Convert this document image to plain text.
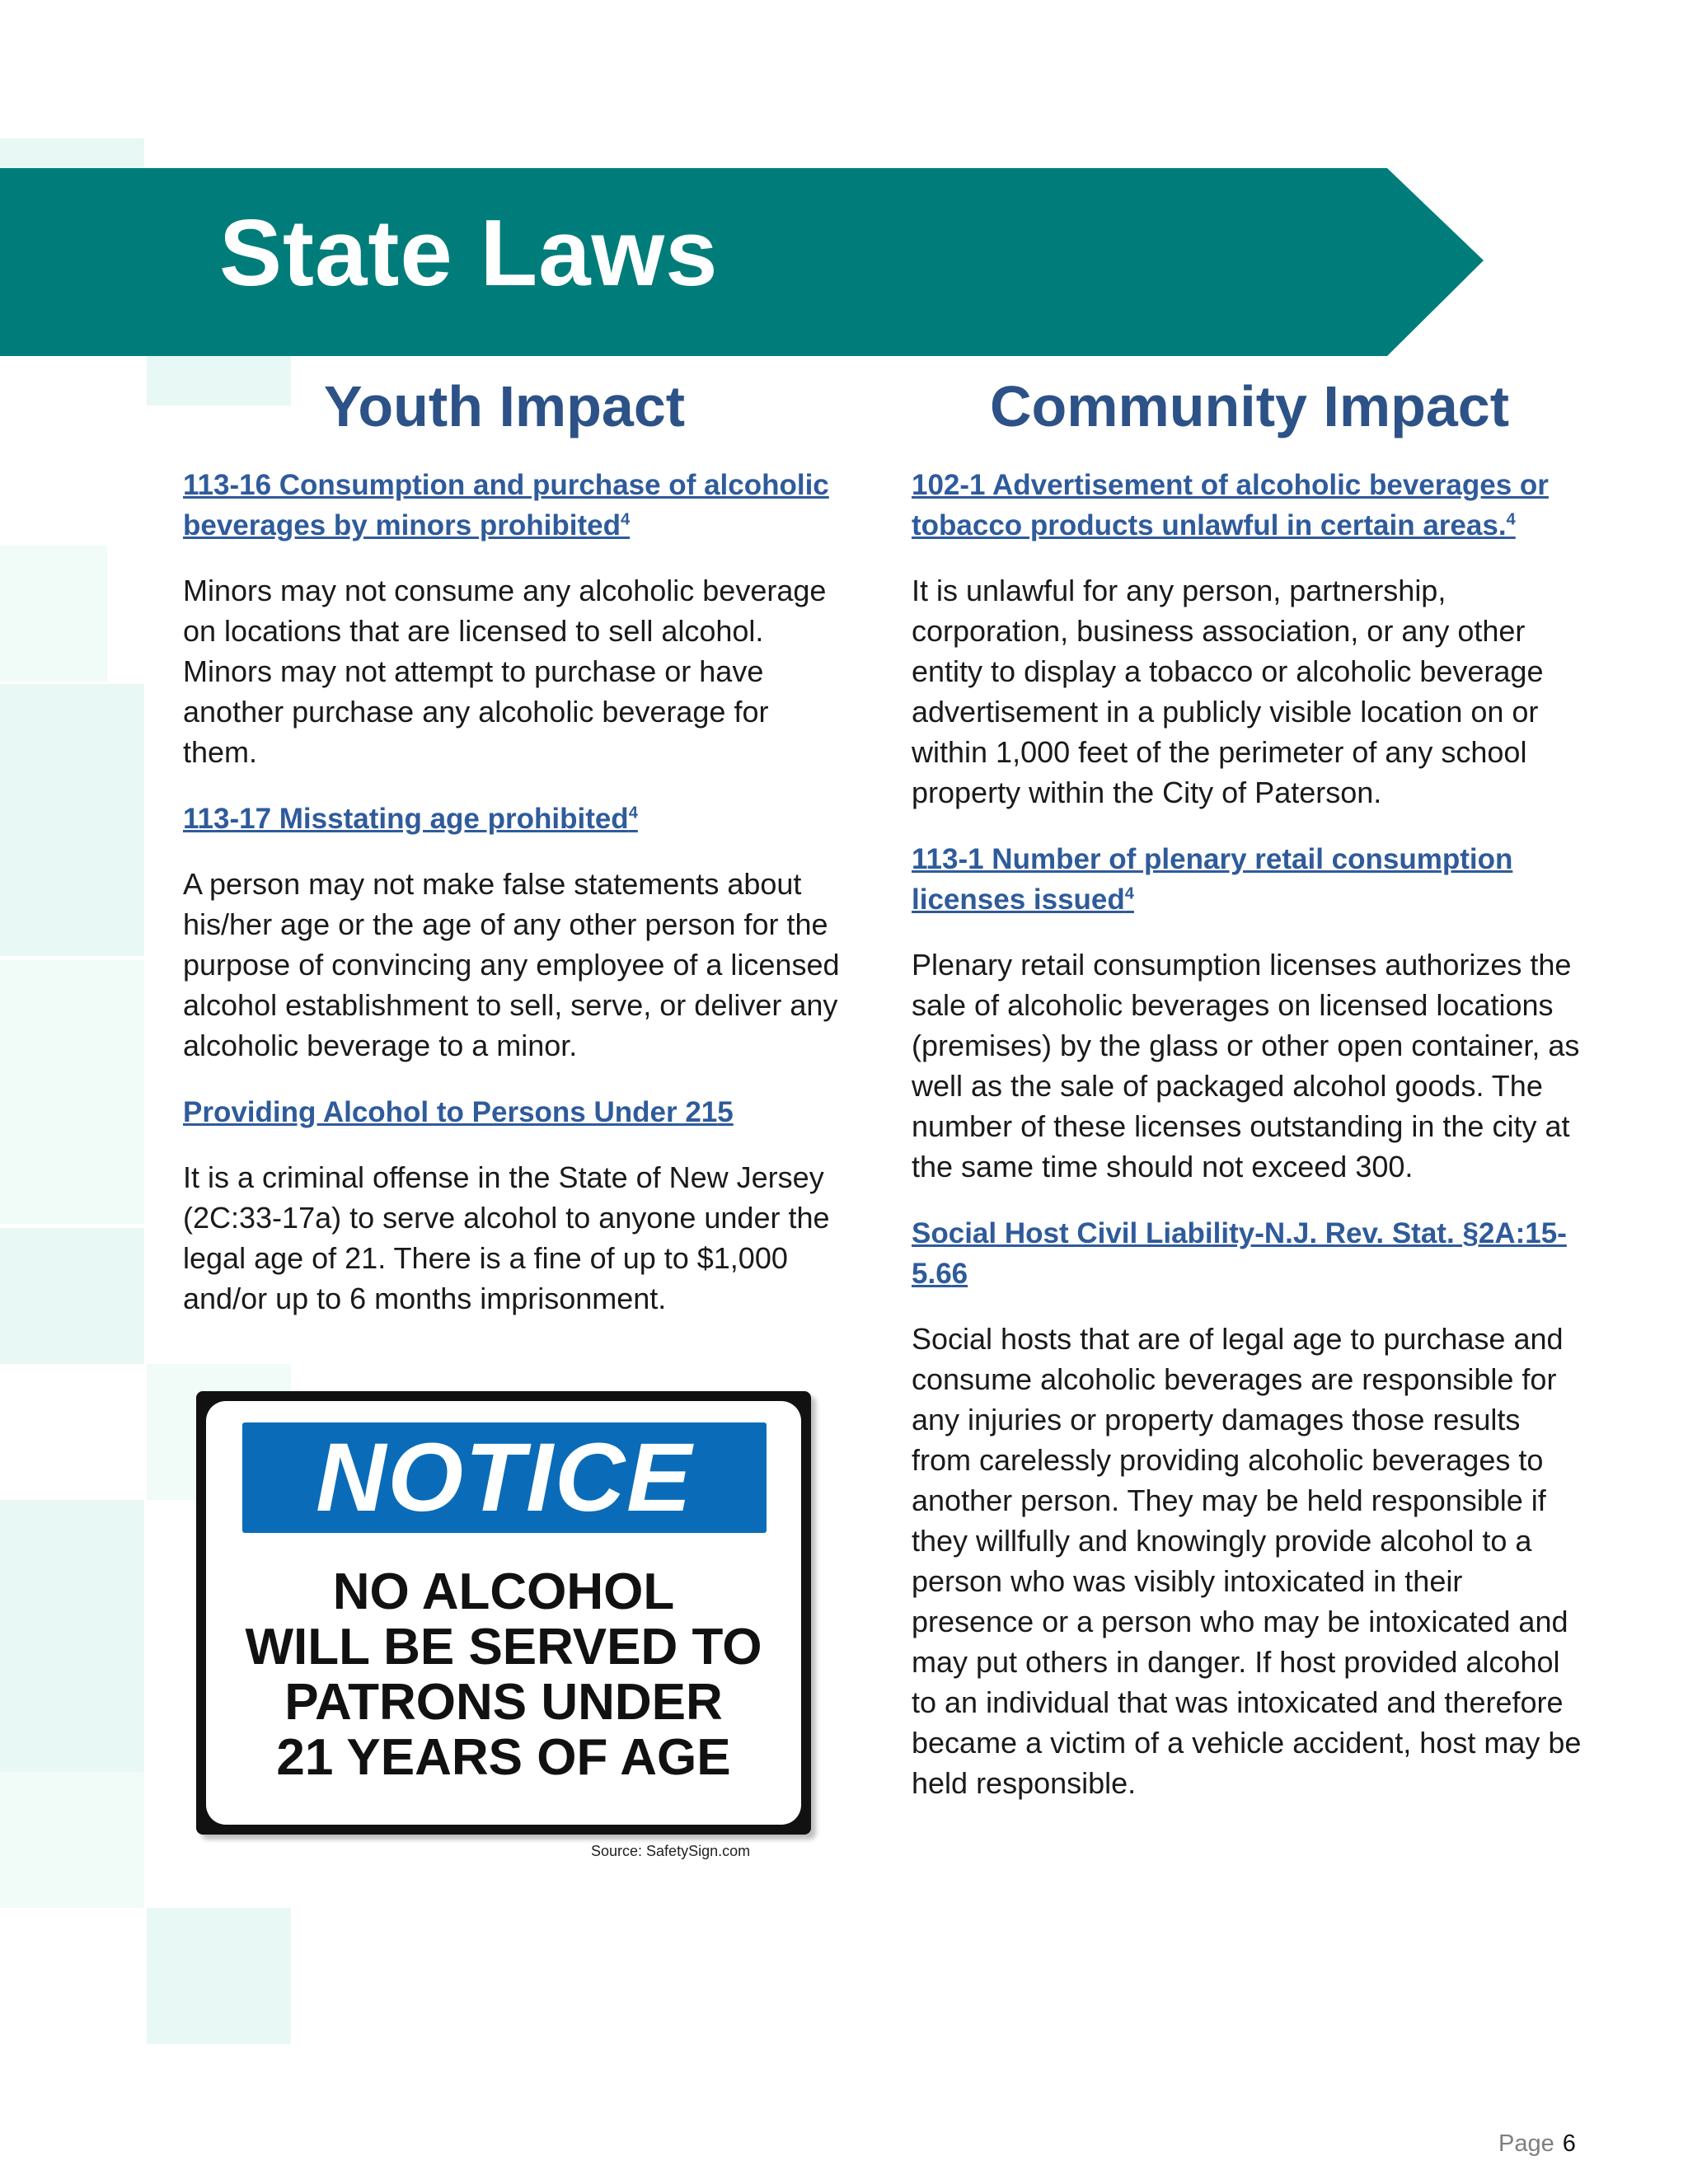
State Laws
Youth Impact

113-16 Consumption and purchase of alcoholic beverages by minors prohibited$^4$

Minors may not consume any alcoholic beverage on locations that are licensed to sell alcohol. Minors may not attempt to purchase or have another purchase any alcoholic beverage for them.

113-17 Misstating age prohibited$^4$

A person may not make false statements about his/her age or the age of any other person for the purpose of convincing any employee of a licensed alcohol establishment to sell, serve, or deliver any alcoholic beverage to a minor.

Providing Alcohol to Persons Under 215

It is a criminal offense in the State of New Jersey (2C:33-17a) to serve alcohol to anyone under the legal age of 21. There is a fine of up to $1,000 and/or up to 6 months imprisonment.

Community Impact

102-1 Advertisement of alcoholic beverages or tobacco products unlawful in certain areas.$^4$

It is unlawful for any person, partnership, corporation, business association, or any other entity to display a tobacco or alcoholic beverage advertisement in a publicly visible location on or within 1,000 feet of the perimeter of any school property within the City of Paterson.

113-1 Number of plenary retail consumption licenses issued$^4$

Plenary retail consumption licenses authorizes the sale of alcoholic beverages on licensed locations (premises) by the glass or other open container, as well as the sale of packaged alcohol goods. The number of these licenses outstanding in the city at the same time should not exceed 300.

Social Host Civil Liability-N.J. Rev. Stat. §2A:15-5.66

Social hosts that are of legal age to purchase and consume alcoholic beverages are responsible for any injuries or property damages those results from carelessly providing alcoholic beverages to another person. They may be held responsible if they willfully and knowingly provide alcohol to a person who was visibly intoxicated in their presence or a person who may be intoxicated and may put others in danger. If host provided alcohol to an individual that was intoxicated and therefore became a victim of a vehicle accident, host may be held responsible.

NOTICE
NO ALCOHOL
WILL BE SERVED TO
PATRONS UNDER
21 YEARS OF AGE
Source: SafetySign.com
Page 6
